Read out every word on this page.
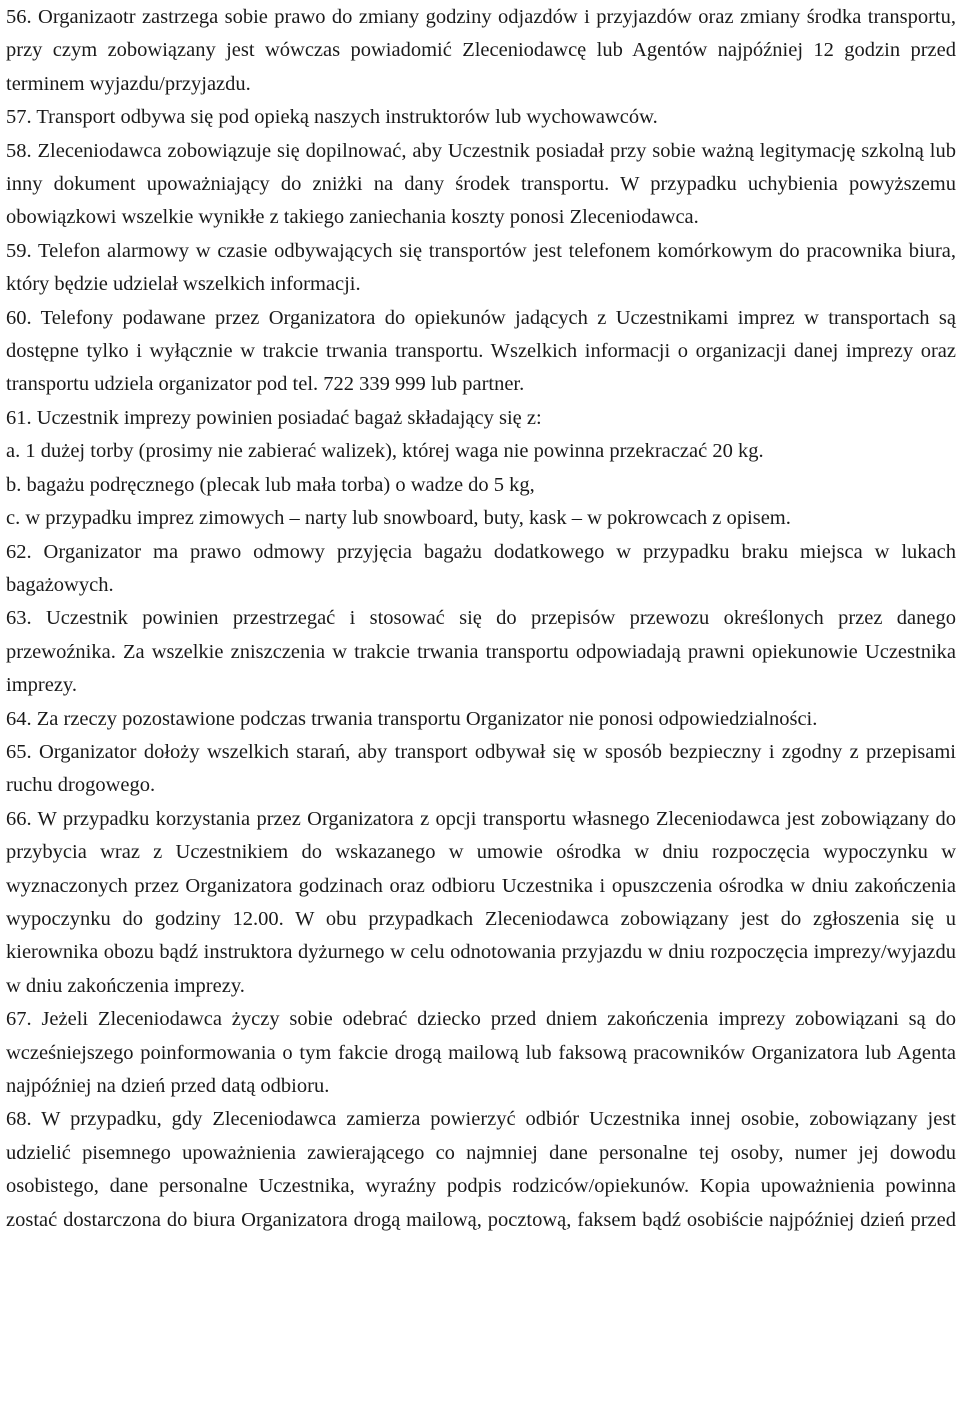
56. Organizaotr zastrzega sobie prawo do zmiany godziny odjazdów i przyjazdów oraz zmiany środka transportu, przy czym zobowiązany jest wówczas powiadomić Zleceniodawcę lub Agentów najpóźniej 12 godzin przed terminem wyjazdu/przyjazdu.

57. Transport odbywa się pod opieką naszych instruktorów lub wychowawców.

58. Zleceniodawca zobowiązuje się dopilnować, aby Uczestnik posiadał przy sobie ważną legitymację szkolną lub inny dokument upoważniający do zniżki na dany środek transportu. W przypadku uchybienia powyższemu obowiązkowi wszelkie wynikłe z takiego zaniechania koszty ponosi Zleceniodawca.

59. Telefon alarmowy w czasie odbywających się transportów jest telefonem komórkowym do pracownika biura, który będzie udzielał wszelkich informacji.

60. Telefony podawane przez Organizatora do opiekunów jadących z Uczestnikami imprez w transportach są dostępne tylko i wyłącznie w trakcie trwania transportu. Wszelkich informacji o organizacji danej imprezy oraz transportu udziela organizator pod tel. 722 339 999 lub partner.

61. Uczestnik imprezy powinien posiadać bagaż składający się z:

a. 1 dużej torby (prosimy nie zabierać walizek), której waga nie powinna przekraczać 20 kg.

b. bagażu podręcznego (plecak lub mała torba) o wadze do 5 kg,

c. w przypadku imprez zimowych – narty lub snowboard, buty, kask – w pokrowcach z opisem.

62. Organizator ma prawo odmowy przyjęcia bagażu dodatkowego w przypadku braku miejsca w lukach bagażowych.

63. Uczestnik powinien przestrzegać i stosować się do przepisów przewozu określonych przez danego przewoźnika. Za wszelkie zniszczenia w trakcie trwania transportu odpowiadają prawni opiekunowie Uczestnika imprezy.

64. Za rzeczy pozostawione podczas trwania transportu Organizator nie ponosi odpowiedzialności.

65. Organizator dołoży wszelkich starań, aby transport odbywał się w sposób bezpieczny i zgodny z przepisami ruchu drogowego.

66. W przypadku korzystania przez Organizatora z opcji transportu własnego Zleceniodawca jest zobowiązany do przybycia wraz z Uczestnikiem do wskazanego w umowie ośrodka w dniu rozpoczęcia wypoczynku w wyznaczonych przez Organizatora godzinach oraz odbioru Uczestnika i opuszczenia ośrodka w dniu zakończenia wypoczynku do godziny 12.00. W obu przypadkach Zleceniodawca zobowiązany jest do zgłoszenia się u kierownika obozu bądź instruktora dyżurnego w celu odnotowania przyjazdu w dniu rozpoczęcia imprezy/wyjazdu w dniu zakończenia imprezy.

67. Jeżeli Zleceniodawca życzy sobie odebrać dziecko przed dniem zakończenia imprezy zobowiązani są do wcześniejszego poinformowania o tym fakcie drogą mailową lub faksową pracowników Organizatora lub Agenta najpóźniej na dzień przed datą odbioru.

68. W przypadku, gdy Zleceniodawca zamierza powierzyć odbiór Uczestnika innej osobie, zobowiązany jest udzielić pisemnego upoważnienia zawierającego co najmniej dane personalne tej osoby, numer jej dowodu osobistego, dane personalne Uczestnika, wyraźny podpis rodziców/opiekunów. Kopia upoważnienia powinna zostać dostarczona do biura Organizatora drogą mailową, pocztową, faksem bądź osobiście najpóźniej dzień przed
